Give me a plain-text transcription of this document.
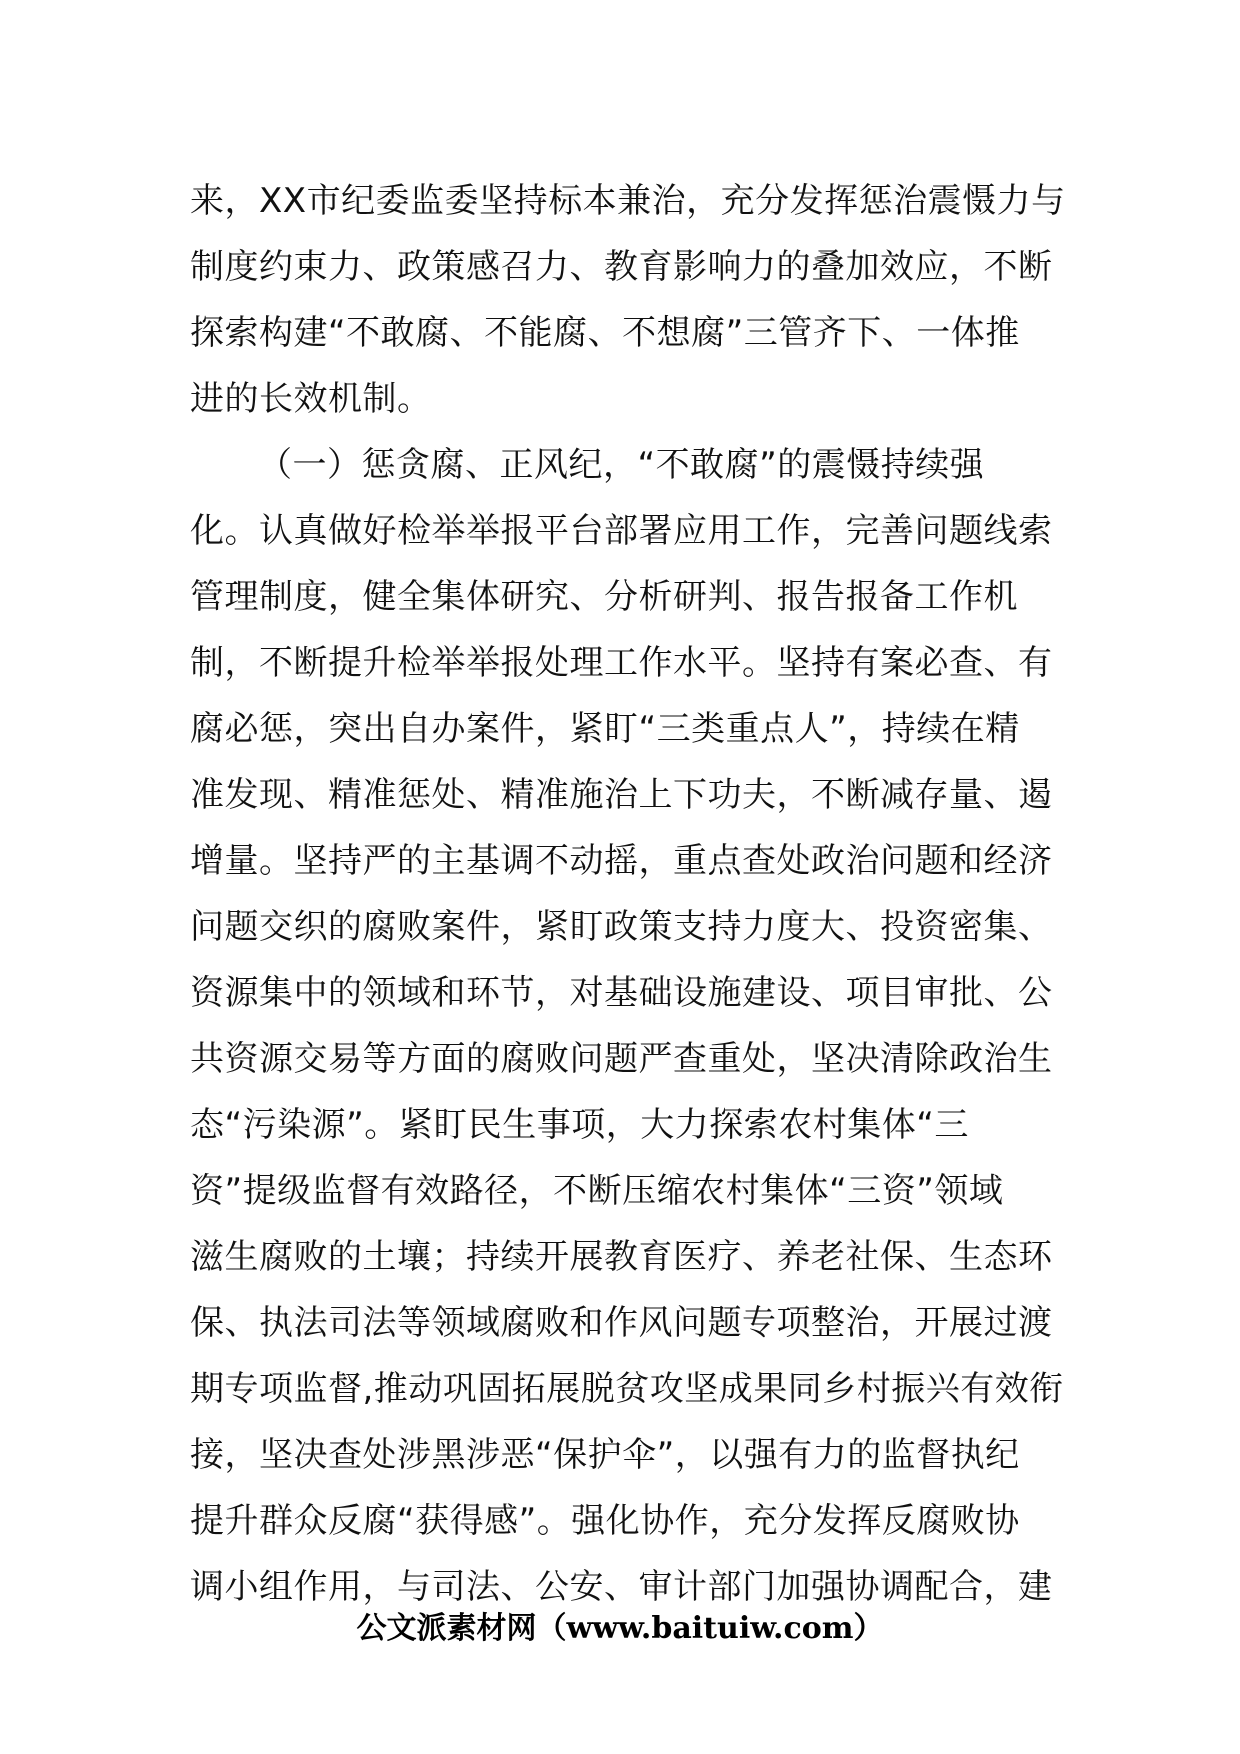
来，XX市纪委监委坚持标本兼治，充分发挥惩治震慑力与
制度约束力、政策感召力、教育影响力的叠加效应，不断
探索构建“不敢腐、不能腐、不想腐”三管齐下、一体推
进的长效机制。
（一）惩贪腐、正风纪，“不敢腐”的震慑持续强
化。认真做好检举举报平台部署应用工作，完善问题线索
管理制度，健全集体研究、分析研判、报告报备工作机
制，不断提升检举举报处理工作水平。坚持有案必查、有
腐必惩，突出自办案件，紧盯“三类重点人”，持续在精
准发现、精准惩处、精准施治上下功夫，不断减存量、遏
增量。坚持严的主基调不动摇，重点查处政治问题和经济
问题交织的腐败案件，紧盯政策支持力度大、投资密集、
资源集中的领域和环节，对基础设施建设、项目审批、公
共资源交易等方面的腐败问题严查重处，坚决清除政治生
态“污染源”。紧盯民生事项，大力探索农村集体“三
资”提级监督有效路径，不断压缩农村集体“三资”领域
滋生腐败的土壤；持续开展教育医疗、养老社保、生态环
保、执法司法等领域腐败和作风问题专项整治，开展过渡
期专项监督,推动巩固拓展脱贫攻坚成果同乡村振兴有效衔
接，坚决查处涉黑涉恶“保护伞”，以强有力的监督执纪
提升群众反腐“获得感”。强化协作，充分发挥反腐败协
调小组作用，与司法、公安、审计部门加强协调配合，建
公文派素材网（www.baituiw.com）
